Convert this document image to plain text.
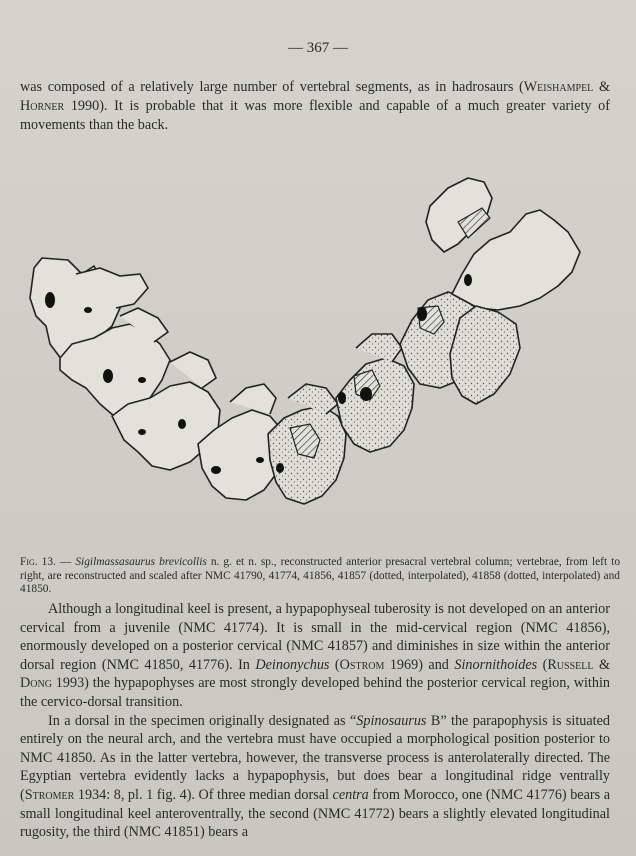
— 367 —

was composed of a relatively large number of vertebral segments, as in hadrosaurs (Weishampel & Horner 1990). It is probable that it was more flexible and capable of a much greater variety of movements than the back.

Fig. 13. — Sigilmassasaurus brevicollis n. g. et n. sp., reconstructed anterior presacral vertebral column; vertebrae, from left to right, are reconstructed and scaled after NMC 41790, 41774, 41856, 41857 (dotted, interpolated), 41858 (dotted, interpolated) and 41850.

Although a longitudinal keel is present, a hypapophyseal tuberosity is not developed on an anterior cervical from a juvenile (NMC 41774). It is small in the mid-cervical region (NMC 41856), enormously developed on a posterior cervical (NMC 41857) and diminishes in size within the anterior dorsal region (NMC 41850, 41776). In Deinonychus (Ostrom 1969) and Sinornithoides (Russell & Dong 1993) the hypapophyses are most strongly developed behind the posterior cervical region, within the cervico-dorsal transition.

In a dorsal in the specimen originally designated as “Spinosaurus B” the parapophysis is situated entirely on the neural arch, and the vertebra must have occupied a morphological position posterior to NMC 41850. As in the latter vertebra, however, the transverse process is anterolaterally directed. The Egyptian vertebra evidently lacks a hypapophysis, but does bear a longitudinal ridge ventrally (Stromer 1934: 8, pl. 1 fig. 4). Of three median dorsal centra from Morocco, one (NMC 41776) bears a small longitudinal keel anteroventrally, the second (NMC 41772) bears a slightly elevated longitudinal rugosity, the third (NMC 41851) bears a
